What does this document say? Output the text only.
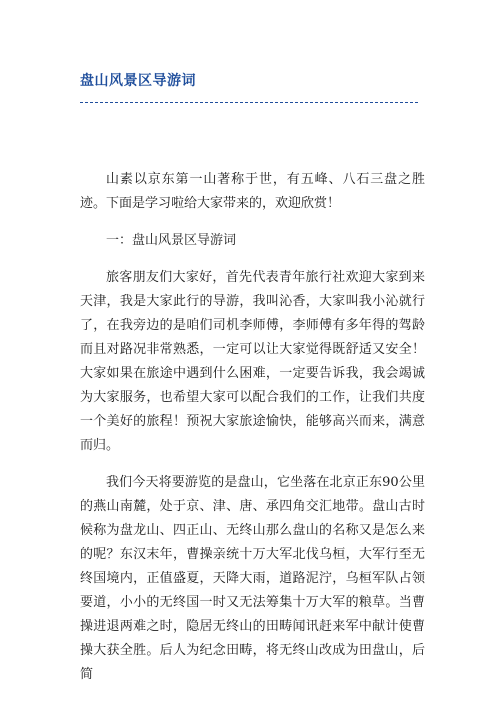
盘山风景区导游词

山素以京东第一山著称于世，有五峰、八石三盘之胜迹。下面是学习啦给大家带来的，欢迎欣赏！

一：盘山风景区导游词

旅客朋友们大家好，首先代表青年旅行社欢迎大家到来天津，我是大家此行的导游，我叫沁香，大家叫我小沁就行了，在我旁边的是咱们司机李师傅，李师傅有多年得的驾龄而且对路况非常熟悉，一定可以让大家觉得既舒适又安全！大家如果在旅途中遇到什么困难，一定要告诉我，我会竭诚为大家服务，也希望大家可以配合我们的工作，让我们共度一个美好的旅程！预祝大家旅途愉快，能够高兴而来，满意而归。

我们今天将要游览的是盘山，它坐落在北京正东90公里的燕山南麓，处于京、津、唐、承四角交汇地带。盘山古时候称为盘龙山、四正山、无终山那么盘山的名称又是怎么来的呢？东汉末年，曹操亲统十万大军北伐乌桓，大军行至无终国境内，正值盛夏，天降大雨，道路泥泞，乌桓军队占领要道，小小的无终国一时又无法筹集十万大军的粮草。当曹操进退两难之时，隐居无终山的田畴闻讯赶来军中献计使曹操大获全胜。后人为纪念田畴，将无终山改成为田盘山，后简
